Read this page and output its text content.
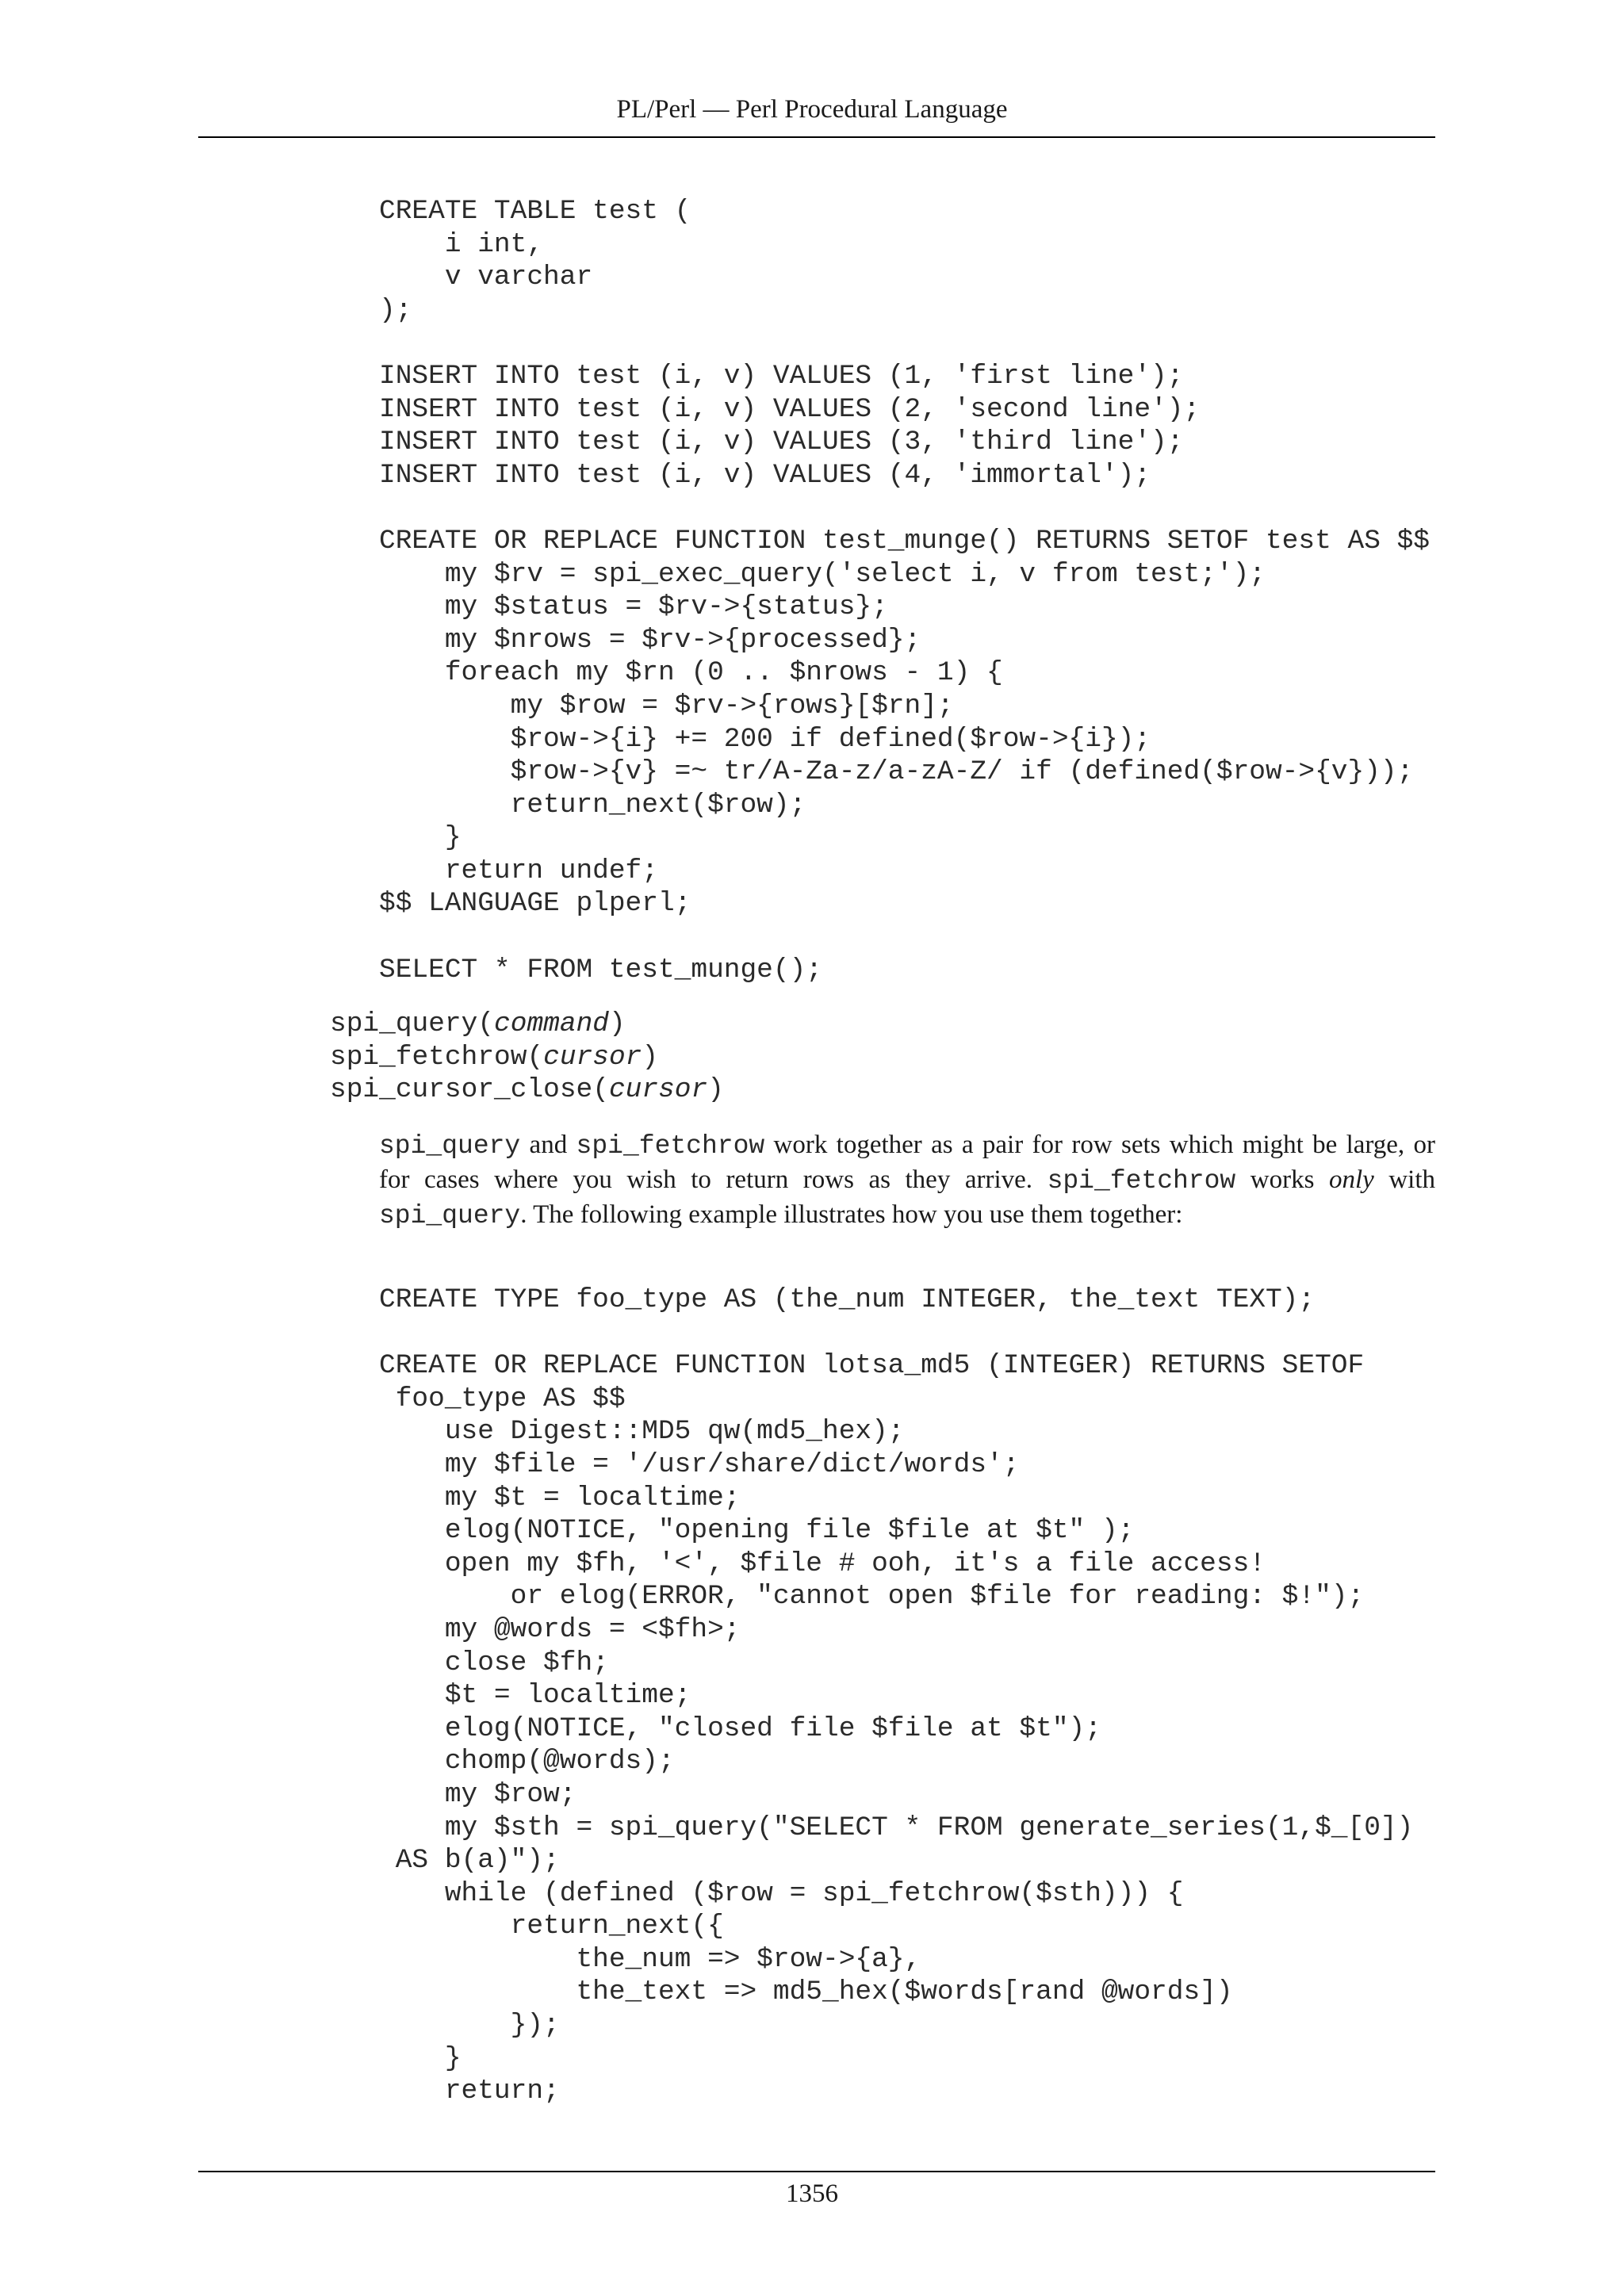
PL/Perl — Perl Procedural Language
CREATE TABLE test (
i int,
v varchar
);

INSERT INTO test (i, v) VALUES (1, 'first line');
INSERT INTO test (i, v) VALUES (2, 'second line');
INSERT INTO test (i, v) VALUES (3, 'third line');
INSERT INTO test (i, v) VALUES (4, 'immortal');

CREATE OR REPLACE FUNCTION test_munge() RETURNS SETOF test AS $$
my $rv = spi_exec_query('select i, v from test;');
my $status = $rv->{status};
my $nrows = $rv->{processed};
foreach my $rn (0 .. $nrows - 1) {
my $row = $rv->{rows}[$rn];
$row->{i} += 200 if defined($row->{i});
$row->{v} =~ tr/A-Za-z/a-zA-Z/ if (defined($row->{v}));
return_next($row);
}
return undef;
$$ LANGUAGE plperl;

SELECT * FROM test_munge();
spi_query(command)
spi_fetchrow(cursor)
spi_cursor_close(cursor)
spi_query and spi_fetchrow work together as a pair for row sets which might be large, or for cases where you wish to return rows as they arrive. spi_fetchrow works only with spi_query. The following example illustrates how you use them together:
CREATE TYPE foo_type AS (the_num INTEGER, the_text TEXT);

CREATE OR REPLACE FUNCTION lotsa_md5 (INTEGER) RETURNS SETOF
foo_type AS $$
use Digest::MD5 qw(md5_hex);
my $file = '/usr/share/dict/words';
my $t = localtime;
elog(NOTICE, "opening file $file at $t" );
open my $fh, '<', $file # ooh, it's a file access!
or elog(ERROR, "cannot open $file for reading: $!");
my @words = <$fh>;
close $fh;
$t = localtime;
elog(NOTICE, "closed file $file at $t");
chomp(@words);
my $row;
my $sth = spi_query("SELECT * FROM generate_series(1,$_[0])
AS b(a)");
while (defined ($row = spi_fetchrow($sth))) {
return_next({
the_num => $row->{a},
the_text => md5_hex($words[rand @words])
});
}
return;
1356
